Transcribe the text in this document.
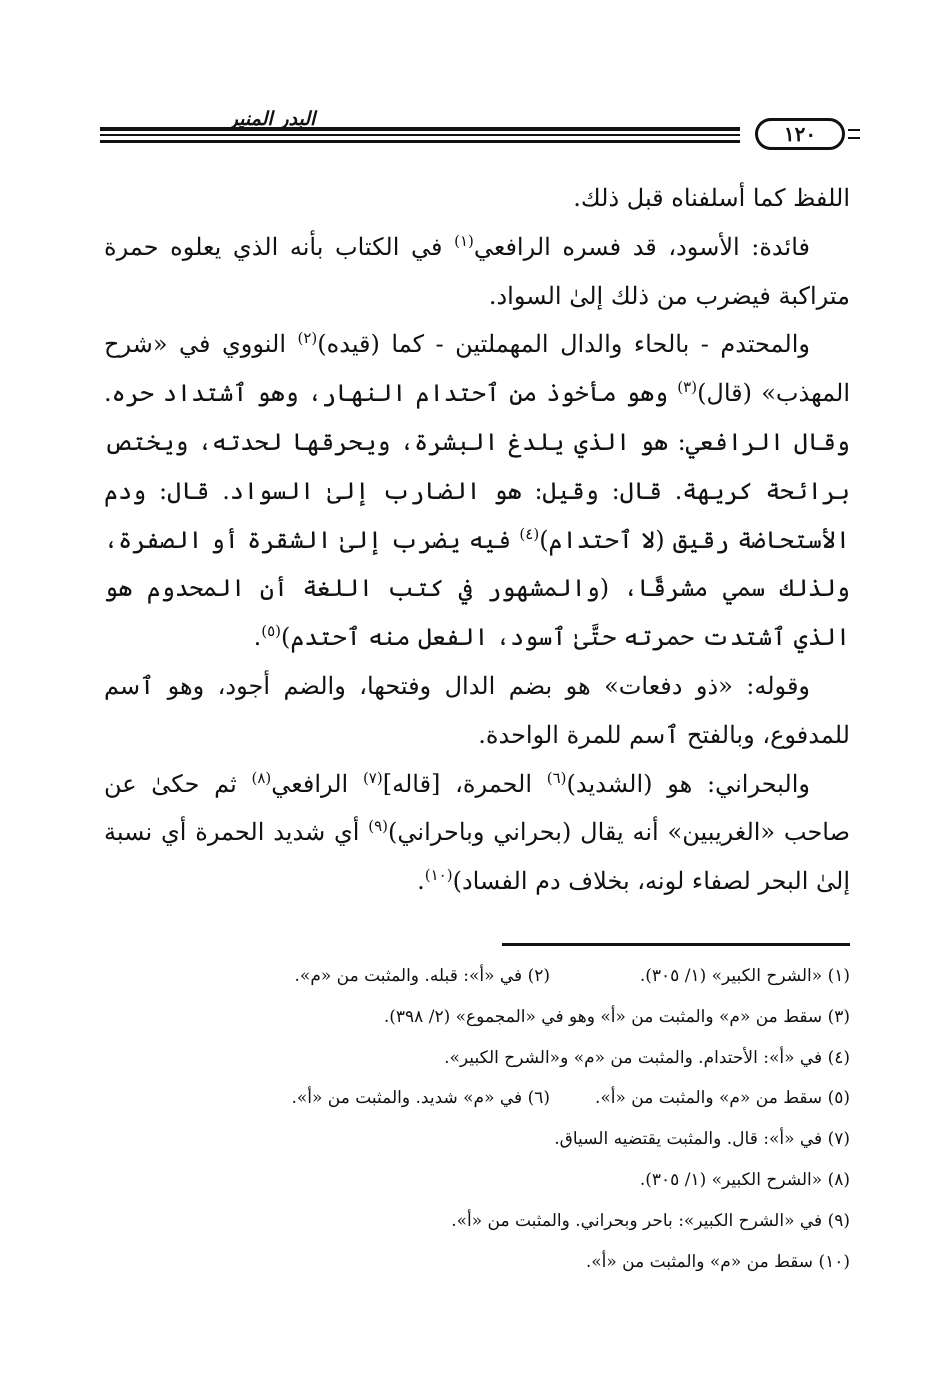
البدر المنير
١٢٠

اللفظ كما أسلفناه قبل ذلك.

فائدة: الأسود، قد فسره الرافعي$^{(١)}$ في الكتاب بأنه الذي يعلوه حمرة متراكبة فيضرب من ذلك إلىٰ السواد.

والمحتدم - بالحاء والدال المهملتين - كما (قيده)$^{(٢)}$ النووي في «شرح المهذب» (قال)$^{(٣)}$ وهو مأخوذ من ٱحتدام النهار، وهو ٱشتداد حره. وقال الرافعي: هو الذي يلدغ البشرة، ويحرقها لحدته، ويختص برائحة كريهة. قال: وقيل: هو الضارب إلىٰ السواد. قال: ودم الأستحاضة رقيق (لا ٱحتدام)$^{(٤)}$ فيه يضرب إلىٰ الشقرة أو الصفرة، ولذلك سمي مشرقًا، (والمشهور في كتب اللغة أن المحدوم هو الذي ٱشتدت حمرته حتَّىٰ ٱسود، الفعل منه ٱحتدم)$^{(٥)}$.

وقوله: «ذو دفعات» هو بضم الدال وفتحها، والضم أجود، وهو ٱسم للمدفوع، وبالفتح ٱسم للمرة الواحدة.

والبحراني: هو (الشديد)$^{(٦)}$ الحمرة، [قاله]$^{(٧)}$ الرافعي$^{(٨)}$ ثم حكىٰ عن صاحب «الغريبين» أنه يقال (بحراني وباحراني)$^{(٩)}$ أي شديد الحمرة أي نسبة إلىٰ البحر لصفاء لونه، بخلاف دم الفساد)$^{(١٠)}$.

(١) «الشرح الكبير» (١/ ٣٠٥).
(٢) في «أ»: قبله. والمثبت من «م».
(٣) سقط من «م» والمثبت من «أ» وهو في «المجموع» (٢/ ٣٩٨).
(٤) في «أ»: الأحتدام. والمثبت من «م» و«الشرح الكبير».
(٥) سقط من «م» والمثبت من «أ».
(٦) في «م» شديد. والمثبت من «أ».
(٧) في «أ»: قال. والمثبت يقتضيه السياق.
(٨) «الشرح الكبير» (١/ ٣٠٥).
(٩) في «الشرح الكبير»: باحر وبحراني. والمثبت من «أ».
(١٠) سقط من «م» والمثبت من «أ».
